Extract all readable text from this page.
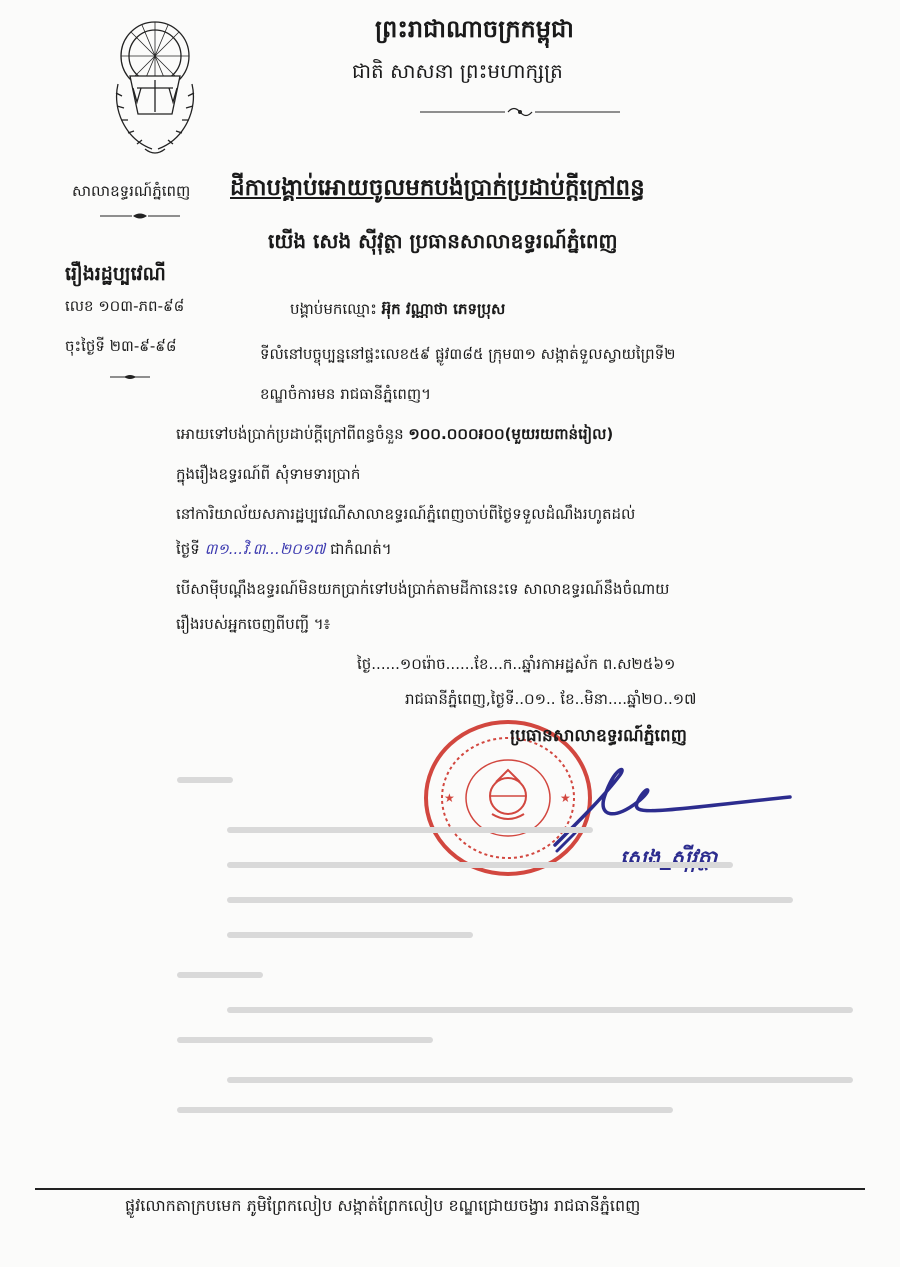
ព្រះរាជាណាចក្រកម្ពុជា
ជាតិ សាសនា ព្រះមហាក្សត្រ
សាលាឧទ្ធរណ៍ភ្នំពេញ ដីកាបង្គាប់អោយចូលមកបង់ប្រាក់ប្រដាប់ក្តីក្រៅពន្ធ
យើង សេង ស៊ីវុត្ថា ប្រធានសាលាឧទ្ធរណ៍ភ្នំពេញ
រឿងរដ្ឋប្បវេណី
លេខ ១០៣-ភព-៩៨
ចុះថ្ងៃទី ២៣-៩-៩៨
បង្គាប់មកឈ្មោះ អ៊ុក វណ្ណាថា ភេទប្រុស
ទីលំនៅបច្ចុប្បន្ននៅផ្ទះលេខ៥៩ ផ្លូវ៣៨៥ ក្រុម៣១ សង្កាត់ទួលស្វាយព្រៃទី២
ខណ្ឌចំការមន រាជធានីភ្នំពេញ។
អោយទៅបង់ប្រាក់ប្រដាប់ក្តីក្រៅពីពន្ធចំនួន ១០០.០០០៛០០(មួយរយពាន់រៀល)
ក្នុងរឿងឧទ្ធរណ៍ពី សុំទាមទារប្រាក់
នៅការិយាល័យសភារដ្ឋប្បវេណីសាលាឧទ្ធរណ៍ភ្នំពេញចាប់ពីថ្ងៃទទួលដំណឹងរហូតដល់
ថ្ងៃទី ៣១...វិ.៣...២០១៧ ជាកំណត់។
បើសាម៉ីបណ្តឹងឧទ្ធរណ៍មិនយកប្រាក់ទៅបង់ប្រាក់តាមដីកានេះទេ សាលាឧទ្ធរណ៍នឹងចំណាយ
រឿងរបស់អ្នកចេញពីបញ្ជី ។៖
ថ្ងៃ......១០រ៉ោច......ខែ...ក..ឆ្នាំរកាអដ្ឋស័ក ព.ស២៥៦១
រាជធានីភ្នំពេញ,ថ្ងៃទី..០១.. ខែ..មិនា....ឆ្នាំ២០..១៧
★	★
ប្រធានសាលាឧទ្ធរណ៍ភ្នំពេញ
សេង_ស៊ីវុត្ថា
ផ្លូវលោកតាក្របមេក ភូមិព្រែកលៀប សង្កាត់ព្រែកលៀប ខណ្ឌជ្រោយចង្វារ រាជធានីភ្នំពេញ
